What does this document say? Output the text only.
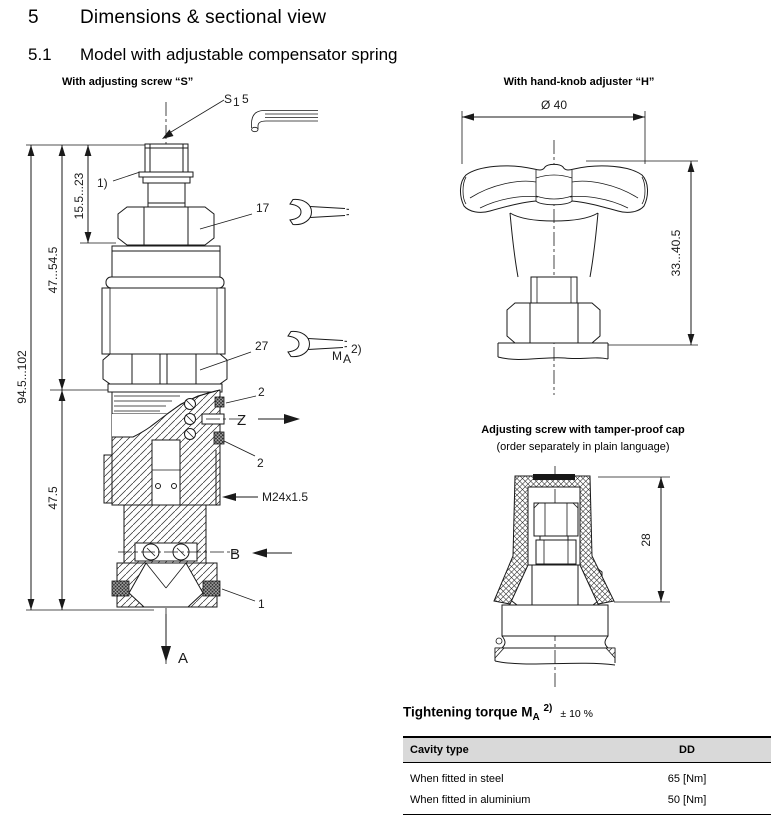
5 Dimensions & sectional view
5.1 Model with adjustable compensator spring
With adjusting screw “S”	With hand-knob adjuster “H”
94.5...102
47...54.5
47.5
15.5...23
S 1 5
1)
17
27
M A
2)
2
2
Z
M24x1.5
B
1
A
Ø 40
33...40.5
Adjusting screw with tamper-proof cap
(order separately in plain language)
28
Tightening torque $M_A$ $^{2)}$ ± 10 %
Cavity type	DD
When fitted in steel	65 [Nm]
When fitted in aluminium	50 [Nm]
